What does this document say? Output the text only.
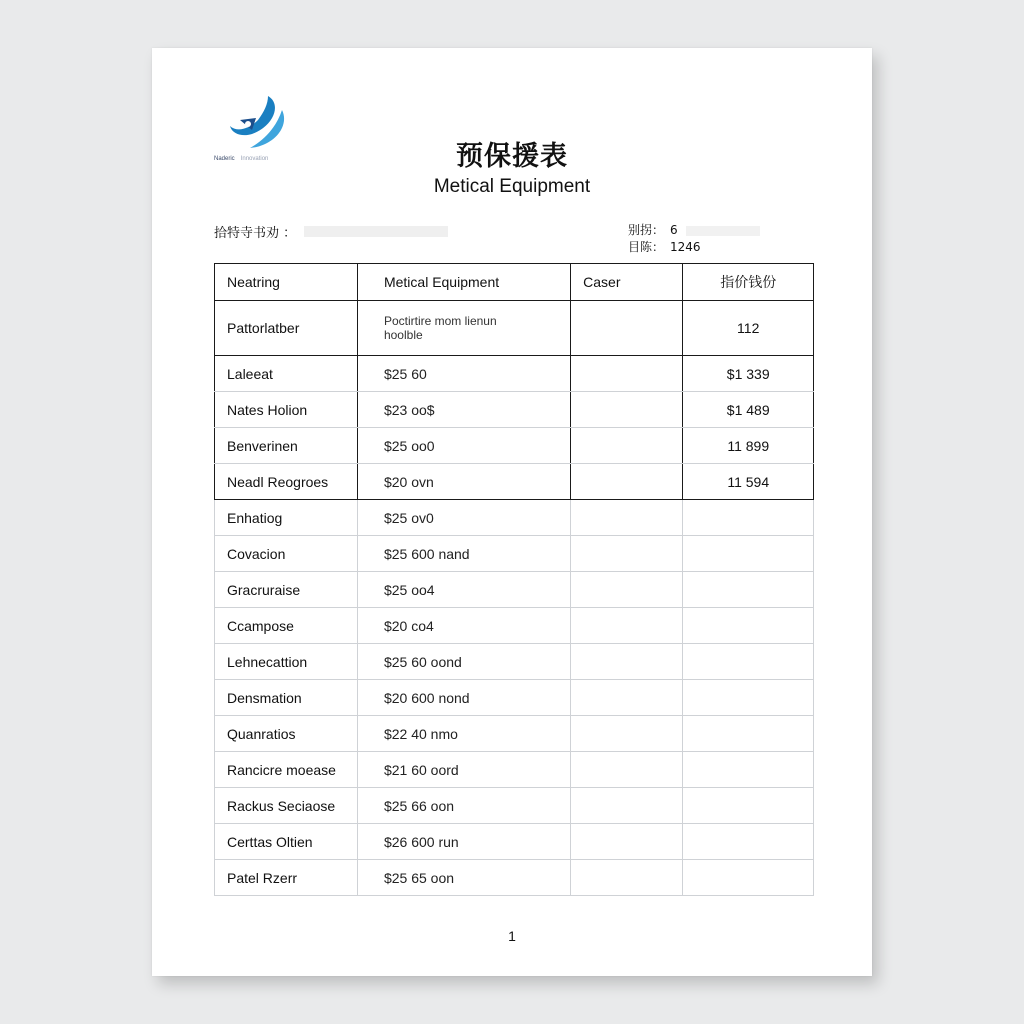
Naderic Innovation	预保援表
Metical Equipment
拾特寺书劝 ：	别拐： 6
目陈： 1246
Neatring	Metical Equipment	Caser	指价钱份
Pattorlatber	Poctirtire mom lienun
hoolble		112
Laleeat	$25 60		$1 339
Nates Holion	$23 oo$		$1 489
Benverinen	$25 oo0		11 899
Neadl Reogroes	$20 ovn		11 594
Enhatiog	$25 ov0		
Covacion	$25 600 nand		
Gracruraise	$25 oo4		
Ccampose	$20 co4		
Lehnecattion	$25 60 oond		
Densmation	$20 600 nond		
Quanratios	$22 40 nmo		
Rancicre moease	$21 60 oord		
Rackus Seciaose	$25 66 oon		
Certtas Oltien	$26 600 run		
Patel Rzerr	$25 65 oon		
1
